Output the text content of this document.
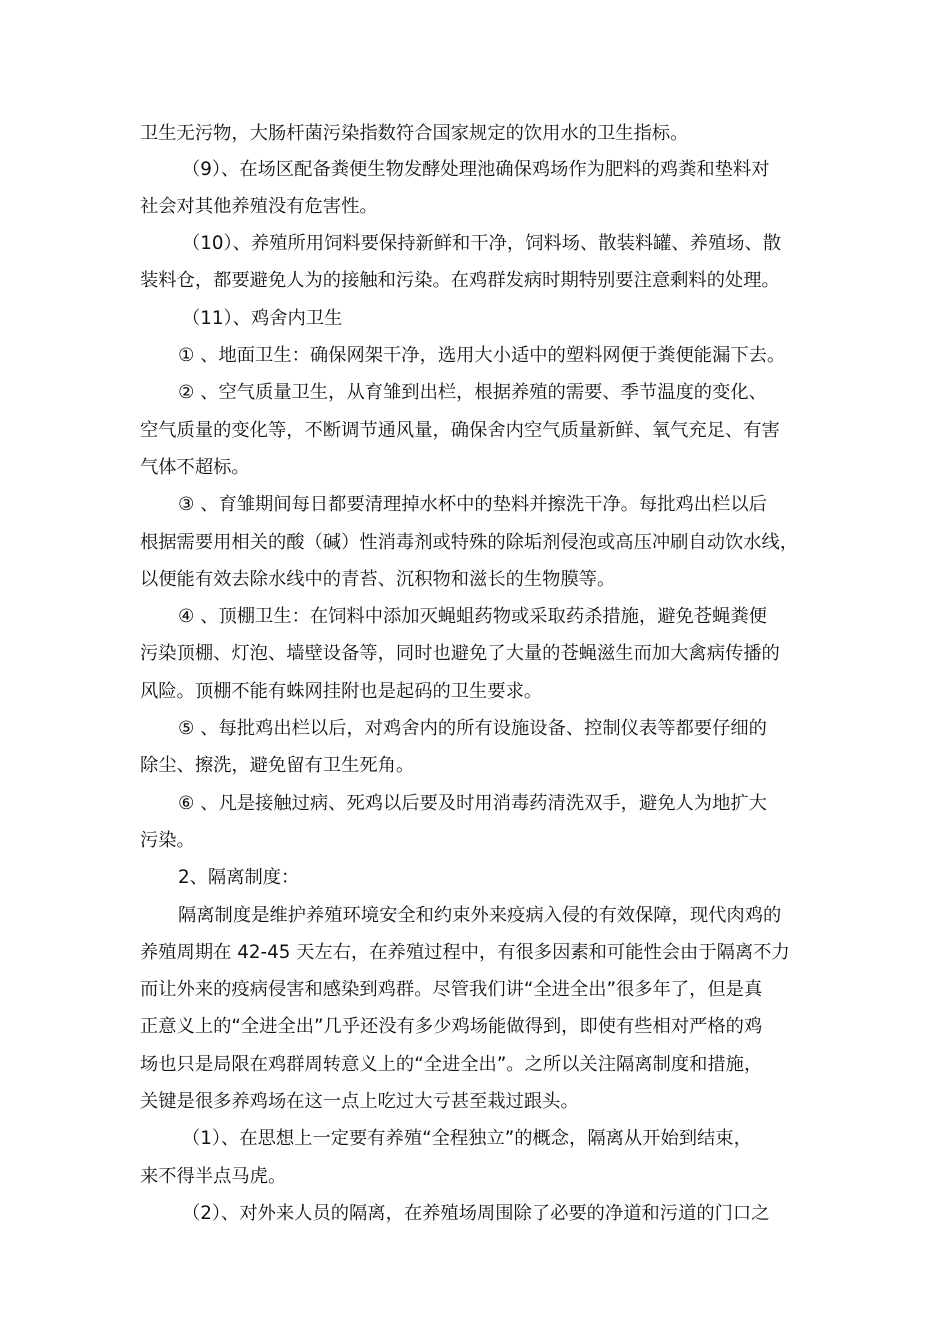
卫生无污物，大肠杆菌污染指数符合国家规定的饮用水的卫生指标。
（9）、在场区配备粪便生物发酵处理池确保鸡场作为肥料的鸡粪和垫料对
社会对其他养殖没有危害性。
（10）、养殖所用饲料要保持新鲜和干净，饲料场、散装料罐、养殖场、散
装料仓，都要避免人为的接触和污染。在鸡群发病时期特别要注意剩料的处理。
（11）、鸡舍内卫生
① 、地面卫生：确保网架干净，选用大小适中的塑料网便于粪便能漏下去。
② 、空气质量卫生，从育雏到出栏，根据养殖的需要、季节温度的变化、
空气质量的变化等，不断调节通风量，确保舍内空气质量新鲜、氧气充足、有害
气体不超标。
③ 、育雏期间每日都要清理掉水杯中的垫料并擦洗干净。每批鸡出栏以后
根据需要用相关的酸（碱）性消毒剂或特殊的除垢剂侵泡或高压冲刷自动饮水线，
以便能有效去除水线中的青苔、沉积物和滋长的生物膜等。
④ 、顶棚卫生：在饲料中添加灭蝇蛆药物或采取药杀措施，避免苍蝇粪便
污染顶棚、灯泡、墙壁设备等，同时也避免了大量的苍蝇滋生而加大禽病传播的
风险。顶棚不能有蛛网挂附也是起码的卫生要求。
⑤ 、每批鸡出栏以后，对鸡舍内的所有设施设备、控制仪表等都要仔细的
除尘、擦洗，避免留有卫生死角。
⑥ 、凡是接触过病、死鸡以后要及时用消毒药清洗双手，避免人为地扩大
污染。
2、隔离制度：
隔离制度是维护养殖环境安全和约束外来疫病入侵的有效保障，现代肉鸡的
养殖周期在 42-45 天左右，在养殖过程中，有很多因素和可能性会由于隔离不力
而让外来的疫病侵害和感染到鸡群。尽管我们讲“全进全出”很多年了，但是真
正意义上的“全进全出”几乎还没有多少鸡场能做得到，即使有些相对严格的鸡
场也只是局限在鸡群周转意义上的“全进全出”。之所以关注隔离制度和措施，
关键是很多养鸡场在这一点上吃过大亏甚至栽过跟头。
（1）、在思想上一定要有养殖“全程独立”的概念，隔离从开始到结束，
来不得半点马虎。
（2）、对外来人员的隔离，在养殖场周围除了必要的净道和污道的门口之
